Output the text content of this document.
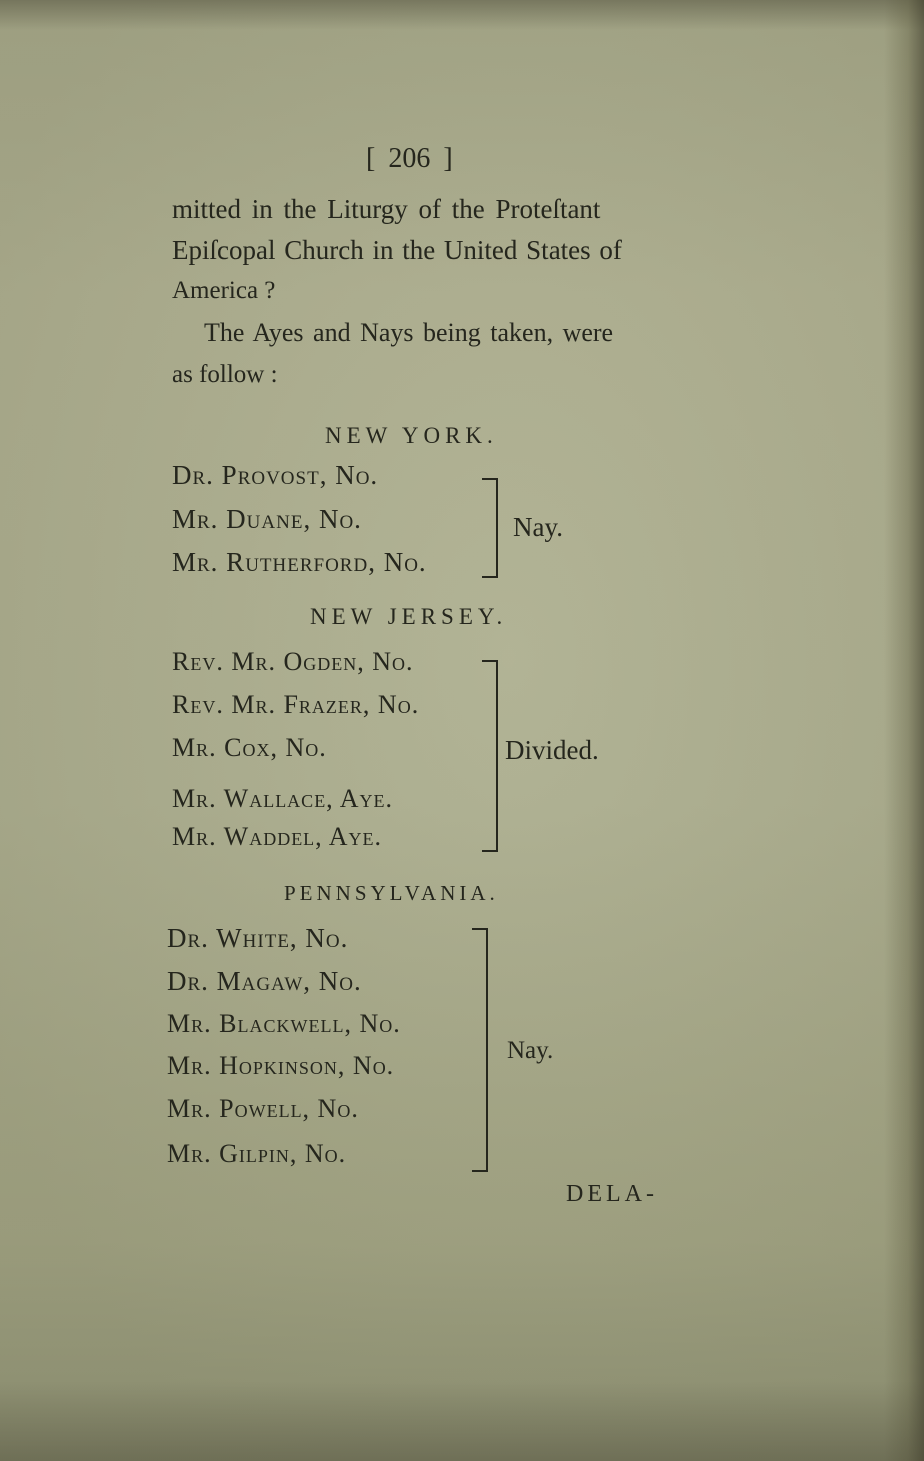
[ 206 ]
mitted in the Liturgy of the Proteſtant
Epiſcopal Church in the United States of
America ?
The Ayes and Nays being taken, were
as follow :
NEW YORK.
Dr. Provost, No.
Mr. Duane, No.
Mr. Rutherford, No.
Nay.
NEW JERSEY.
Rev. Mr. Ogden, No.
Rev. Mr. Frazer, No.
Mr. Cox, No.
Mr. Wallace, Aye.
Mr. Waddel, Aye.
Divided.
PENNSYLVANIA.
Dr. White, No.
Dr. Magaw, No.
Mr. Blackwell, No.
Mr. Hopkinson, No.
Mr. Powell, No.
Mr. Gilpin, No.
Nay.
DELA-
